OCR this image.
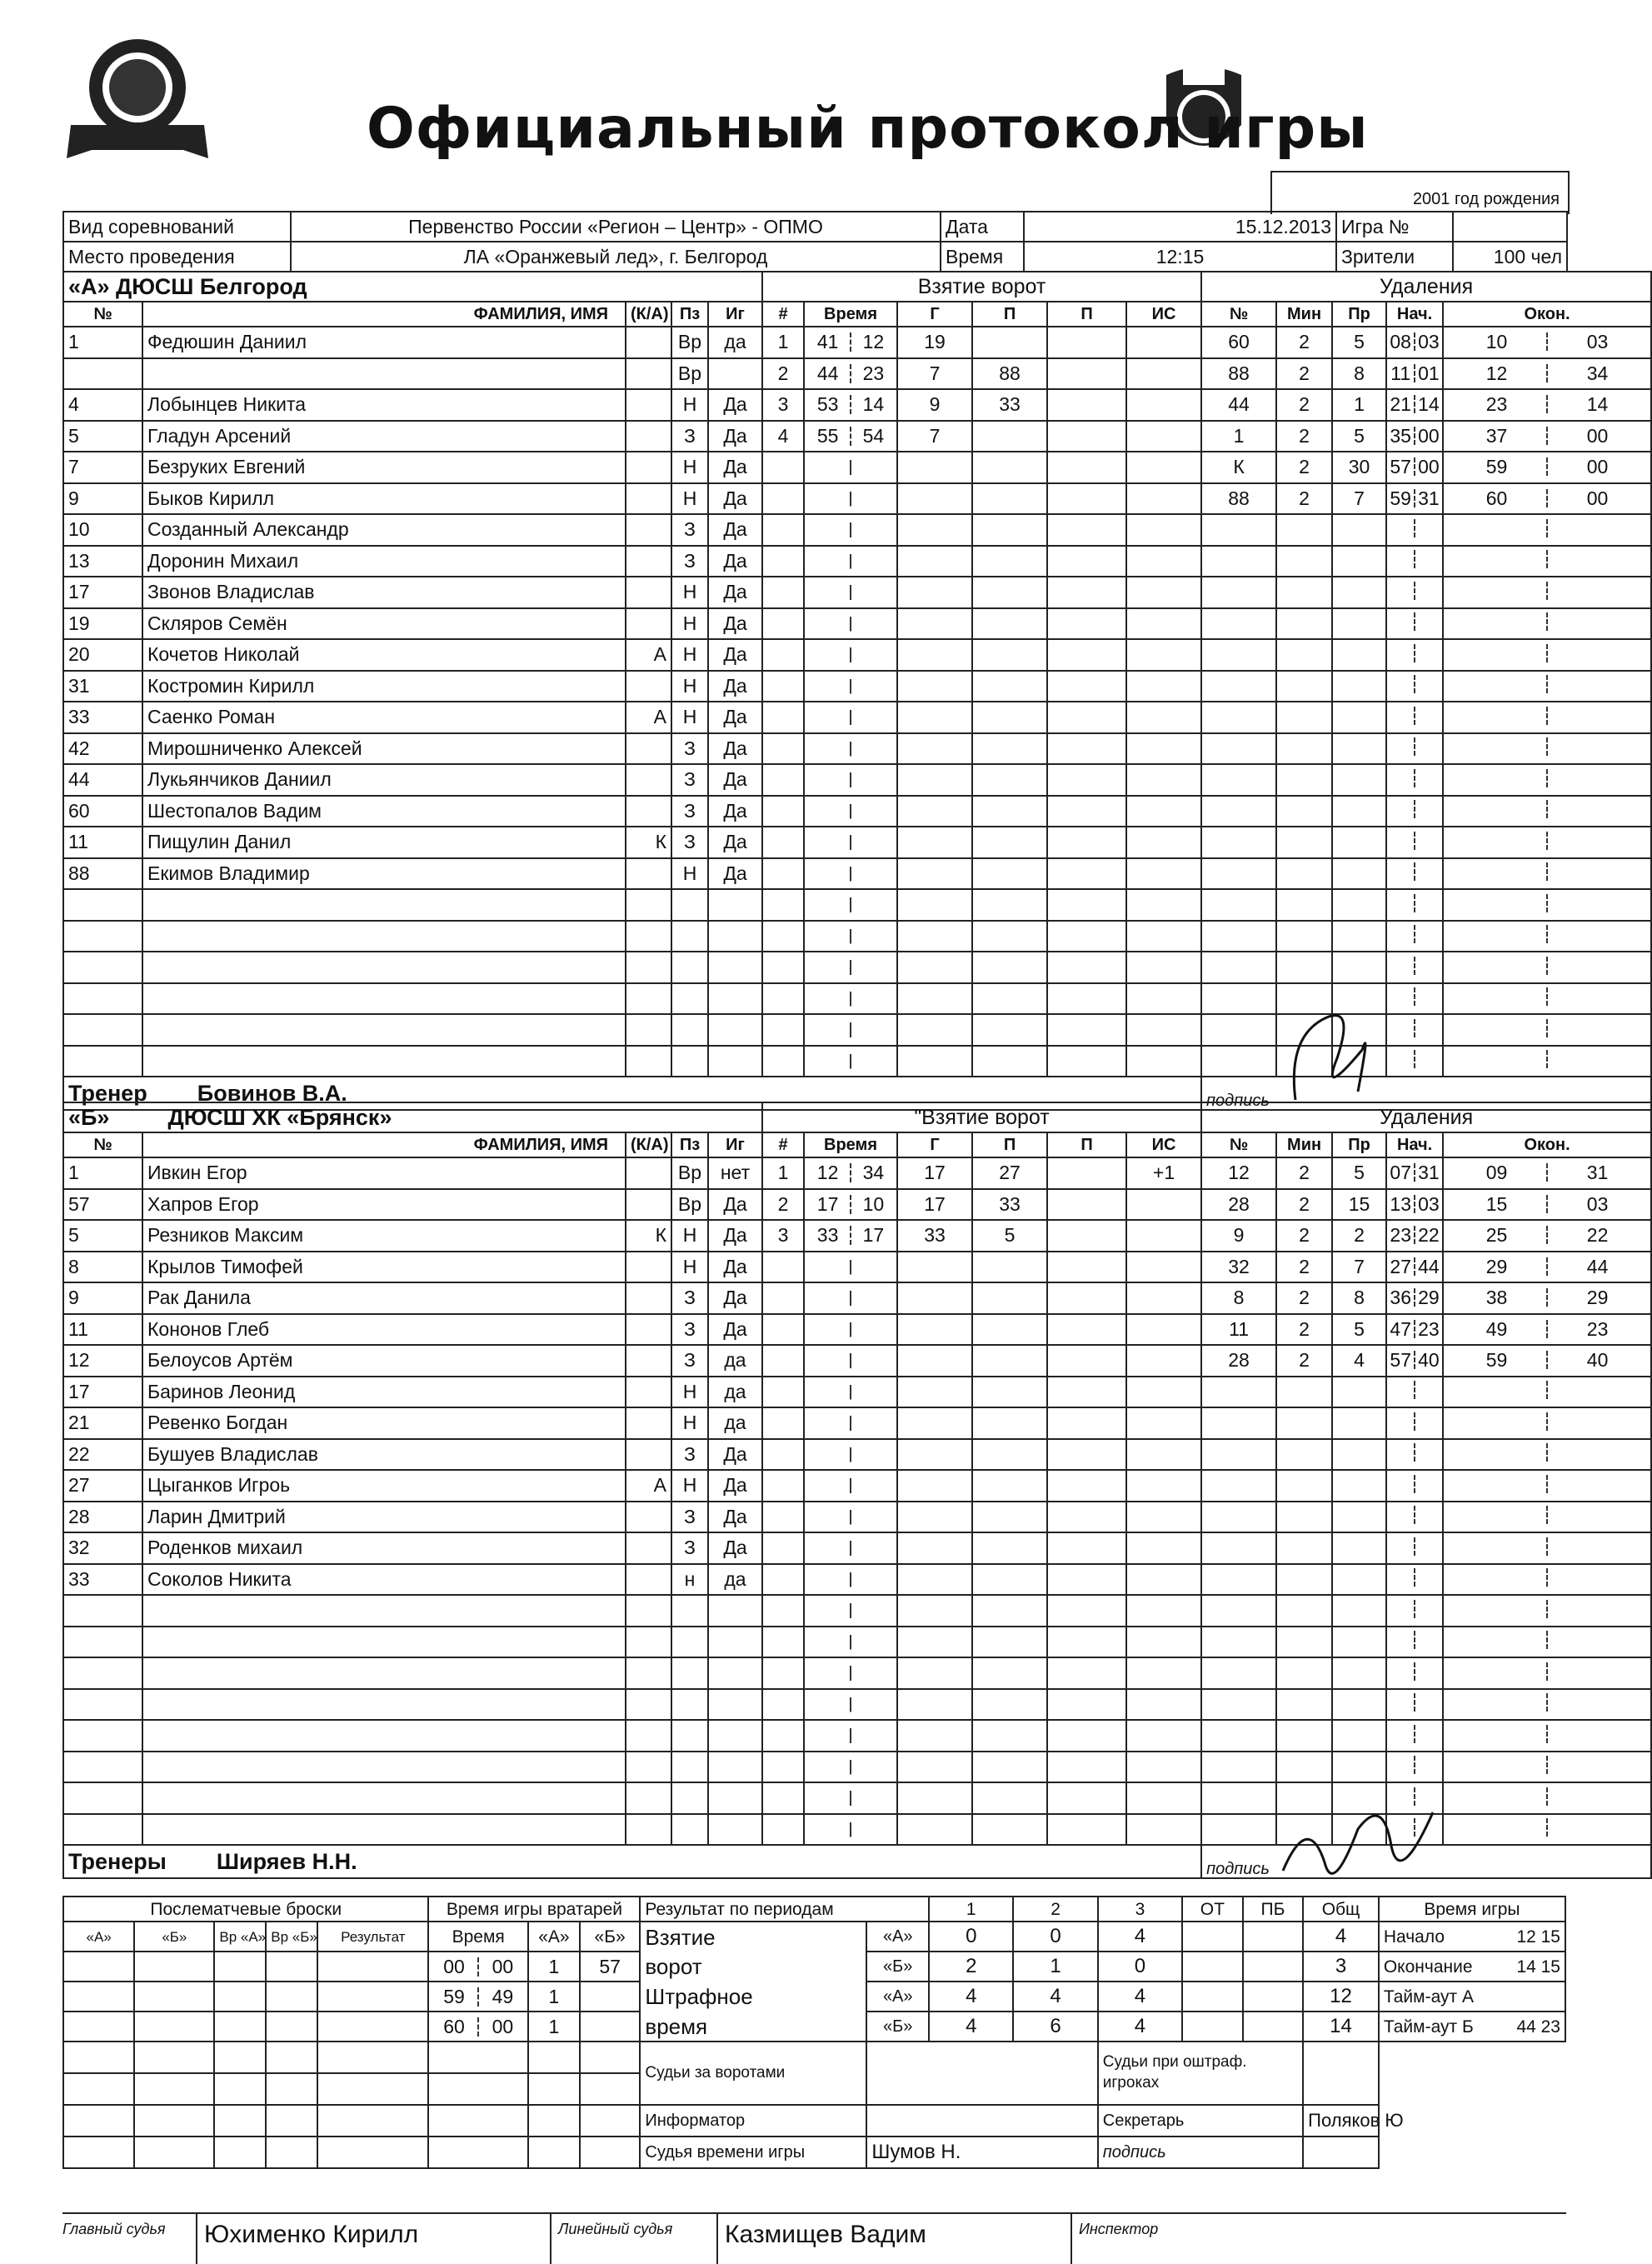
Официальный протокол игры
2001 год рождения
Вид соревнований	Первенство России «Регион – Центр» - ОПМО	Дата	15.12.2013	Игра №	
Место проведения	ЛА «Оранжевый лед», г. Белгород	Время	12:15	Зрители	100 чел
«А» ДЮСШ Белгород					Взятие ворот						Удаления				
№	ФАМИЛИЯ, ИМЯ	(К/А)	Пз	Иг	#	Время	Г	П	П	ИС	№	Мин	Пр	Нач.	Окон.
1	Федюшин Даниил		Вр	да	1	41 12	19				60	2	5	08 03	10 03
			Вр		2	44 23	7	88			88	2	8	11 01	12 34
4	Лобынцев Никита		Н	Да	3	53 14	9	33			44	2	1	21 14	23 14
5	Гладун Арсений		З	Да	4	55 54	7				1	2	5	35 00	37 00
7	Безруких Евгений		Н	Да							К	2	30	57 00	59 00
9	Быков Кирилл		Н	Да							88	2	7	59 31	60 00
10	Созданный Александр		З	Да											
13	Доронин Михаил		З	Да											
17	Звонов Владислав		Н	Да											
19	Скляров Семён		Н	Да											
20	Кочетов Николай	А	Н	Да											
31	Костромин Кирилл		Н	Да											
33	Саенко Роман	А	Н	Да											
42	Мирошниченко Алексей		З	Да											
44	Лукьянчиков Даниил		З	Да											
60	Шестопалов Вадим		З	Да											
11	Пищулин Данил	К	З	Да											
88	Екимов Владимир		Н	Да											

Тренер Бовинов В.А.											подпись				
«Б» ДЮСШ ХК «Брянск»					"Взятие ворот						Удаления				
№	ФАМИЛИЯ, ИМЯ	(К/А)	Пз	Иг	#	Время	Г	П	П	ИС	№	Мин	Пр	Нач.	Окон.
1	Ивкин Егор		Вр	нет	1	12 34	17	27		+1	12	2	5	07 31	09 31
57	Хапров Егор		Вр	Да	2	17 10	17	33			28	2	15	13 03	15 03
5	Резников Максим	К	Н	Да	3	33 17	33	5			9	2	2	23 22	25 22
8	Крылов Тимофей		Н	Да							32	2	7	27 44	29 44
9	Рак Данила		З	Да							8	2	8	36 29	38 29
11	Кононов Глеб		З	Да							11	2	5	47 23	49 23
12	Белоусов Артём		З	да							28	2	4	57 40	59 40
17	Баринов Леонид		Н	да											
21	Ревенко Богдан		Н	да											
22	Бушуев Владислав		З	Да											
27	Цыганков Игроь	А	Н	Да											
28	Ларин Дмитрий		З	Да											
32	Роденков михаил		З	Да											
33	Соколов Никита		н	да											

Тренеры Ширяев Н.Н.											подпись				
Послематчевые броски					Время игры вратарей			Результат по периодам		1	2	3	ОТ	ПБ	Общ	Время игры
«А»	«Б»	Вр «А»	Вр «Б»	Результат	Время	«А»	«Б»	Взятие	«А»	0	0	4			4	Начало 12 15

					00 00	1	57	ворот	«Б»	2	1	0			3	Окончание 14 15

					59 49	1		Штрафное	«А»	4	4	4			12	Тайм-аут А

					60 00	1		время	«Б»	4	6	4			14	Тайм-аут Б 44 23

								Судьи за воротами				Судьи при оштраф. игроках				

								Информатор				Секретарь			Поляков Ю	
								Судья времени игры	Шумов Н.			подпись				
Главный судья Юхименко Кирилл	Линейный судья Казмищев Вадим	Инспектор
